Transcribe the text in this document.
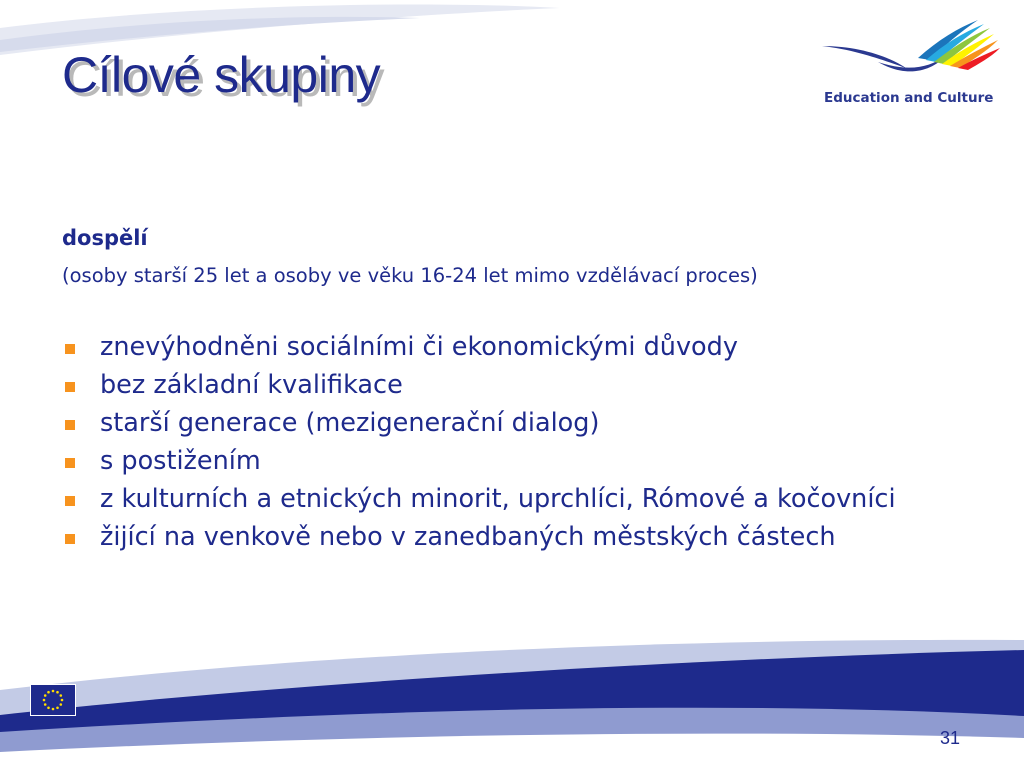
Cílové skupiny	Education and Culture
dospělí
(osoby starší 25 let a osoby ve věku 16-24 let mimo vzdělávací proces)
znevýhodněni sociálními či ekonomickými důvody
bez základní kvalifikace
starší generace (mezigenerační dialog)
s postižením
z kulturních a etnických minorit, uprchlíci, Rómové a kočovníci
žijící na venkově nebo v zanedbaných městských částech
31
